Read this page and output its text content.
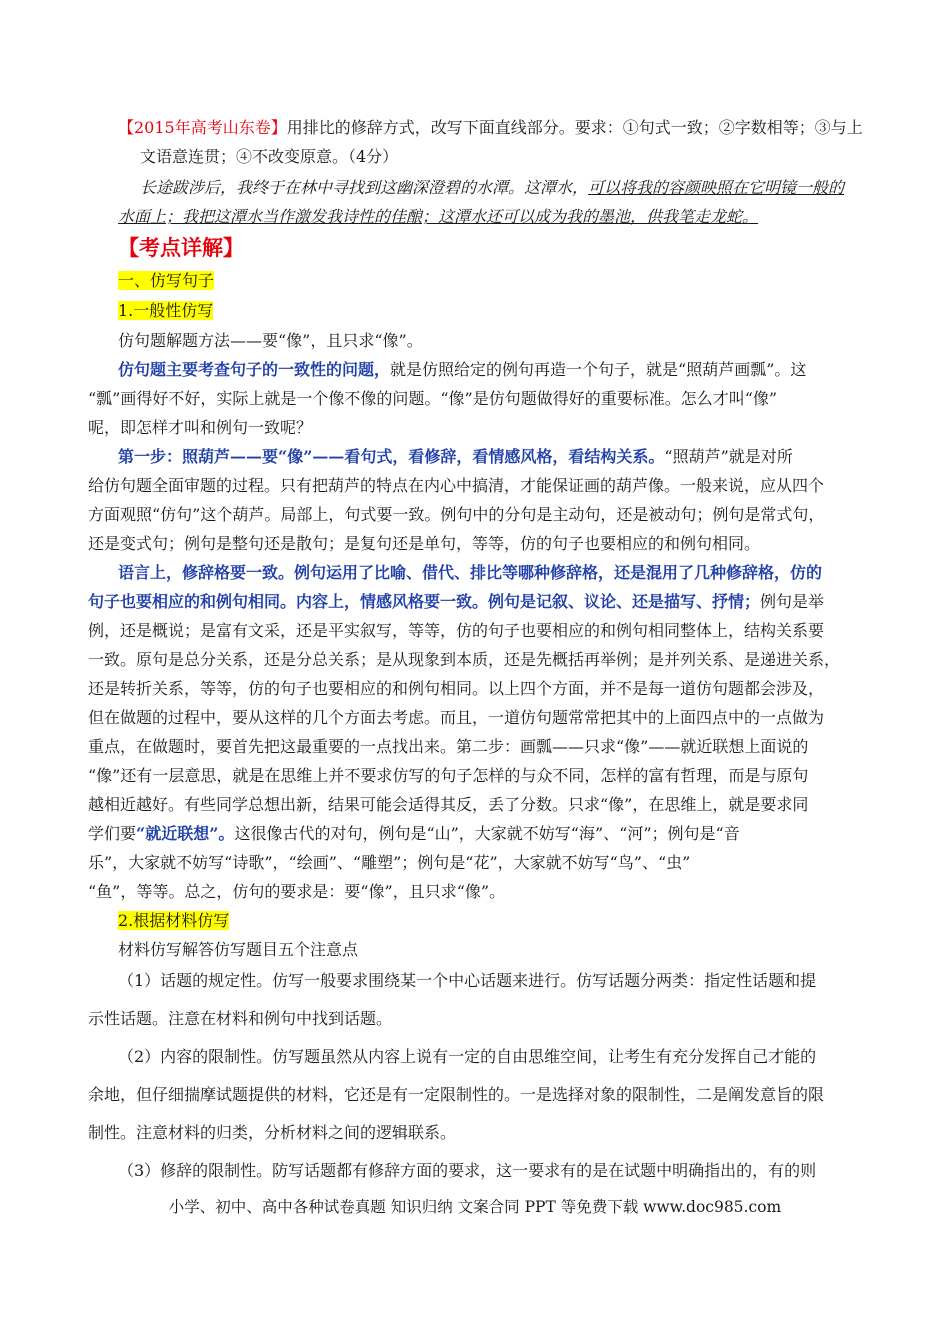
【2015年高考山东卷】用排比的修辞方式，改写下面直线部分。要求：①句式一致；②字数相等；③与上
文语意连贯；④不改变原意。（4分）
长途跋涉后，我终于在林中寻找到这幽深澄碧的水潭。这潭水，可以将我的容颜映照在它明镜一般的
水面上；我把这潭水当作激发我诗性的佳酿；这潭水还可以成为我的墨池，供我笔走龙蛇。
【考点详解】
一、仿写句子
1.一般性仿写
仿句题解题方法——要“像”，且只求“像”。
仿句题主要考查句子的一致性的问题，就是仿照给定的例句再造一个句子，就是“照葫芦画瓢”。这
“瓢”画得好不好，实际上就是一个像不像的问题。“像”是仿句题做得好的重要标准。怎么才叫“像”
呢，即怎样才叫和例句一致呢？
第一步：照葫芦——要“像”——看句式，看修辞，看情感风格，看结构关系。“照葫芦”就是对所
给仿句题全面审题的过程。只有把葫芦的特点在内心中搞清，才能保证画的葫芦像。一般来说，应从四个
方面观照“仿句”这个葫芦。局部上，句式要一致。例句中的分句是主动句，还是被动句；例句是常式句，
还是变式句；例句是整句还是散句；是复句还是单句，等等，仿的句子也要相应的和例句相同。
语言上，修辞格要一致。例句运用了比喻、借代、排比等哪种修辞格，还是混用了几种修辞格，仿的
句子也要相应的和例句相同。内容上，情感风格要一致。例句是记叙、议论、还是描写、抒情；例句是举
例，还是概说；是富有文采，还是平实叙写，等等，仿的句子也要相应的和例句相同整体上，结构关系要
一致。原句是总分关系，还是分总关系；是从现象到本质，还是先概括再举例；是并列关系、是递进关系，
还是转折关系，等等，仿的句子也要相应的和例句相同。以上四个方面，并不是每一道仿句题都会涉及，
但在做题的过程中，要从这样的几个方面去考虑。而且，一道仿句题常常把其中的上面四点中的一点做为
重点，在做题时，要首先把这最重要的一点找出来。第二步：画瓢——只求“像”——就近联想上面说的
“像”还有一层意思，就是在思维上并不要求仿写的句子怎样的与众不同，怎样的富有哲理，而是与原句
越相近越好。有些同学总想出新，结果可能会适得其反，丢了分数。只求“像”，在思维上，就是要求同
学们要“就近联想”。这很像古代的对句，例句是“山”，大家就不妨写“海”、“河”；例句是“音
乐”，大家就不妨写“诗歌”，“绘画”、“雕塑”；例句是“花”，大家就不妨写“鸟”、“虫”
“鱼”，等等。总之，仿句的要求是：要“像”，且只求“像”。
2.根据材料仿写
材料仿写解答仿写题目五个注意点
（1）话题的规定性。仿写一般要求围绕某一个中心话题来进行。仿写话题分两类：指定性话题和提
示性话题。注意在材料和例句中找到话题。
（2）内容的限制性。仿写题虽然从内容上说有一定的自由思维空间，让考生有充分发挥自己才能的
余地，但仔细揣摩试题提供的材料，它还是有一定限制性的。一是选择对象的限制性，二是阐发意旨的限
制性。注意材料的归类，分析材料之间的逻辑联系。
（3）修辞的限制性。防写话题都有修辞方面的要求，这一要求有的是在试题中明确指出的，有的则
小学、初中、高中各种试卷真题 知识归纳 文案合同 PPT 等免费下载 www.doc985.com
